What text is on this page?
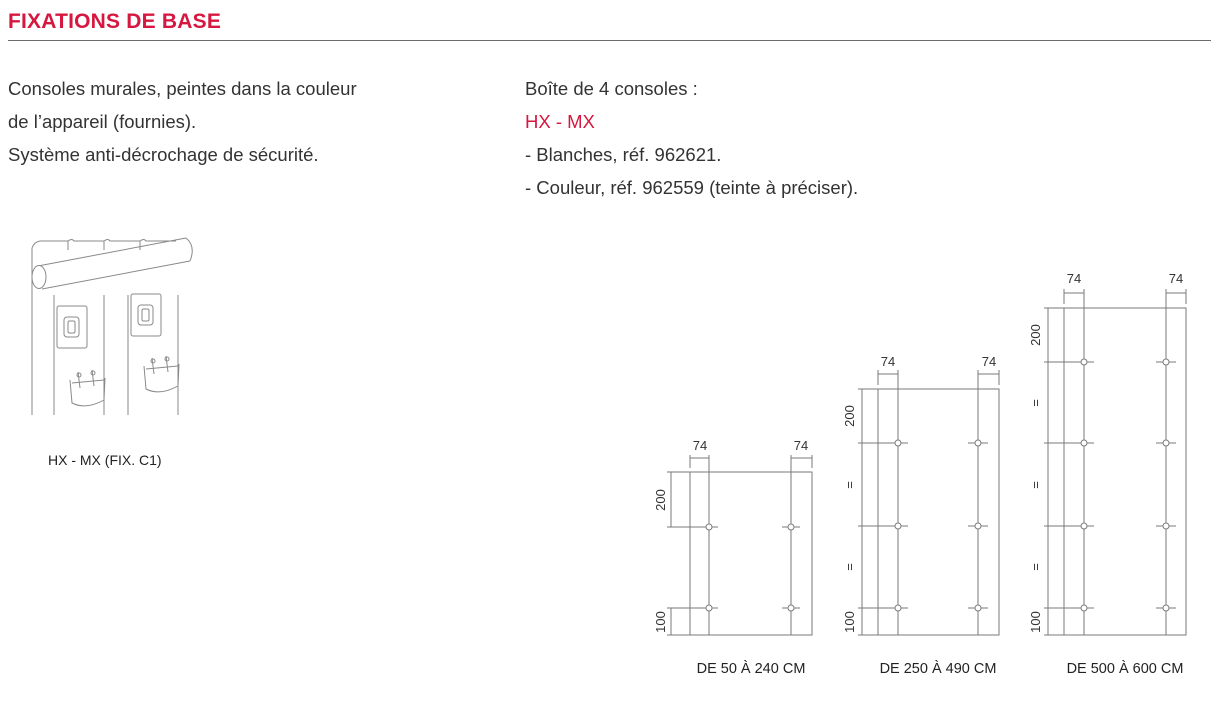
FIXATIONS DE BASE
Consoles murales, peintes dans la couleur
de l’appareil (fournies).
Système anti-décrochage de sécurité.
Boîte de 4 consoles :
HX - MX
- Blanches, réf. 962621.
- Couleur, réf. 962559 (teinte à préciser).
HX - MX (FIX. C1)
74	74
200
100
74	74
200
=
=
100
74	74
200
=
=
=
100
DE 50 À 240 CM	DE 250 À 490 CM	DE 500 À 600 CM
